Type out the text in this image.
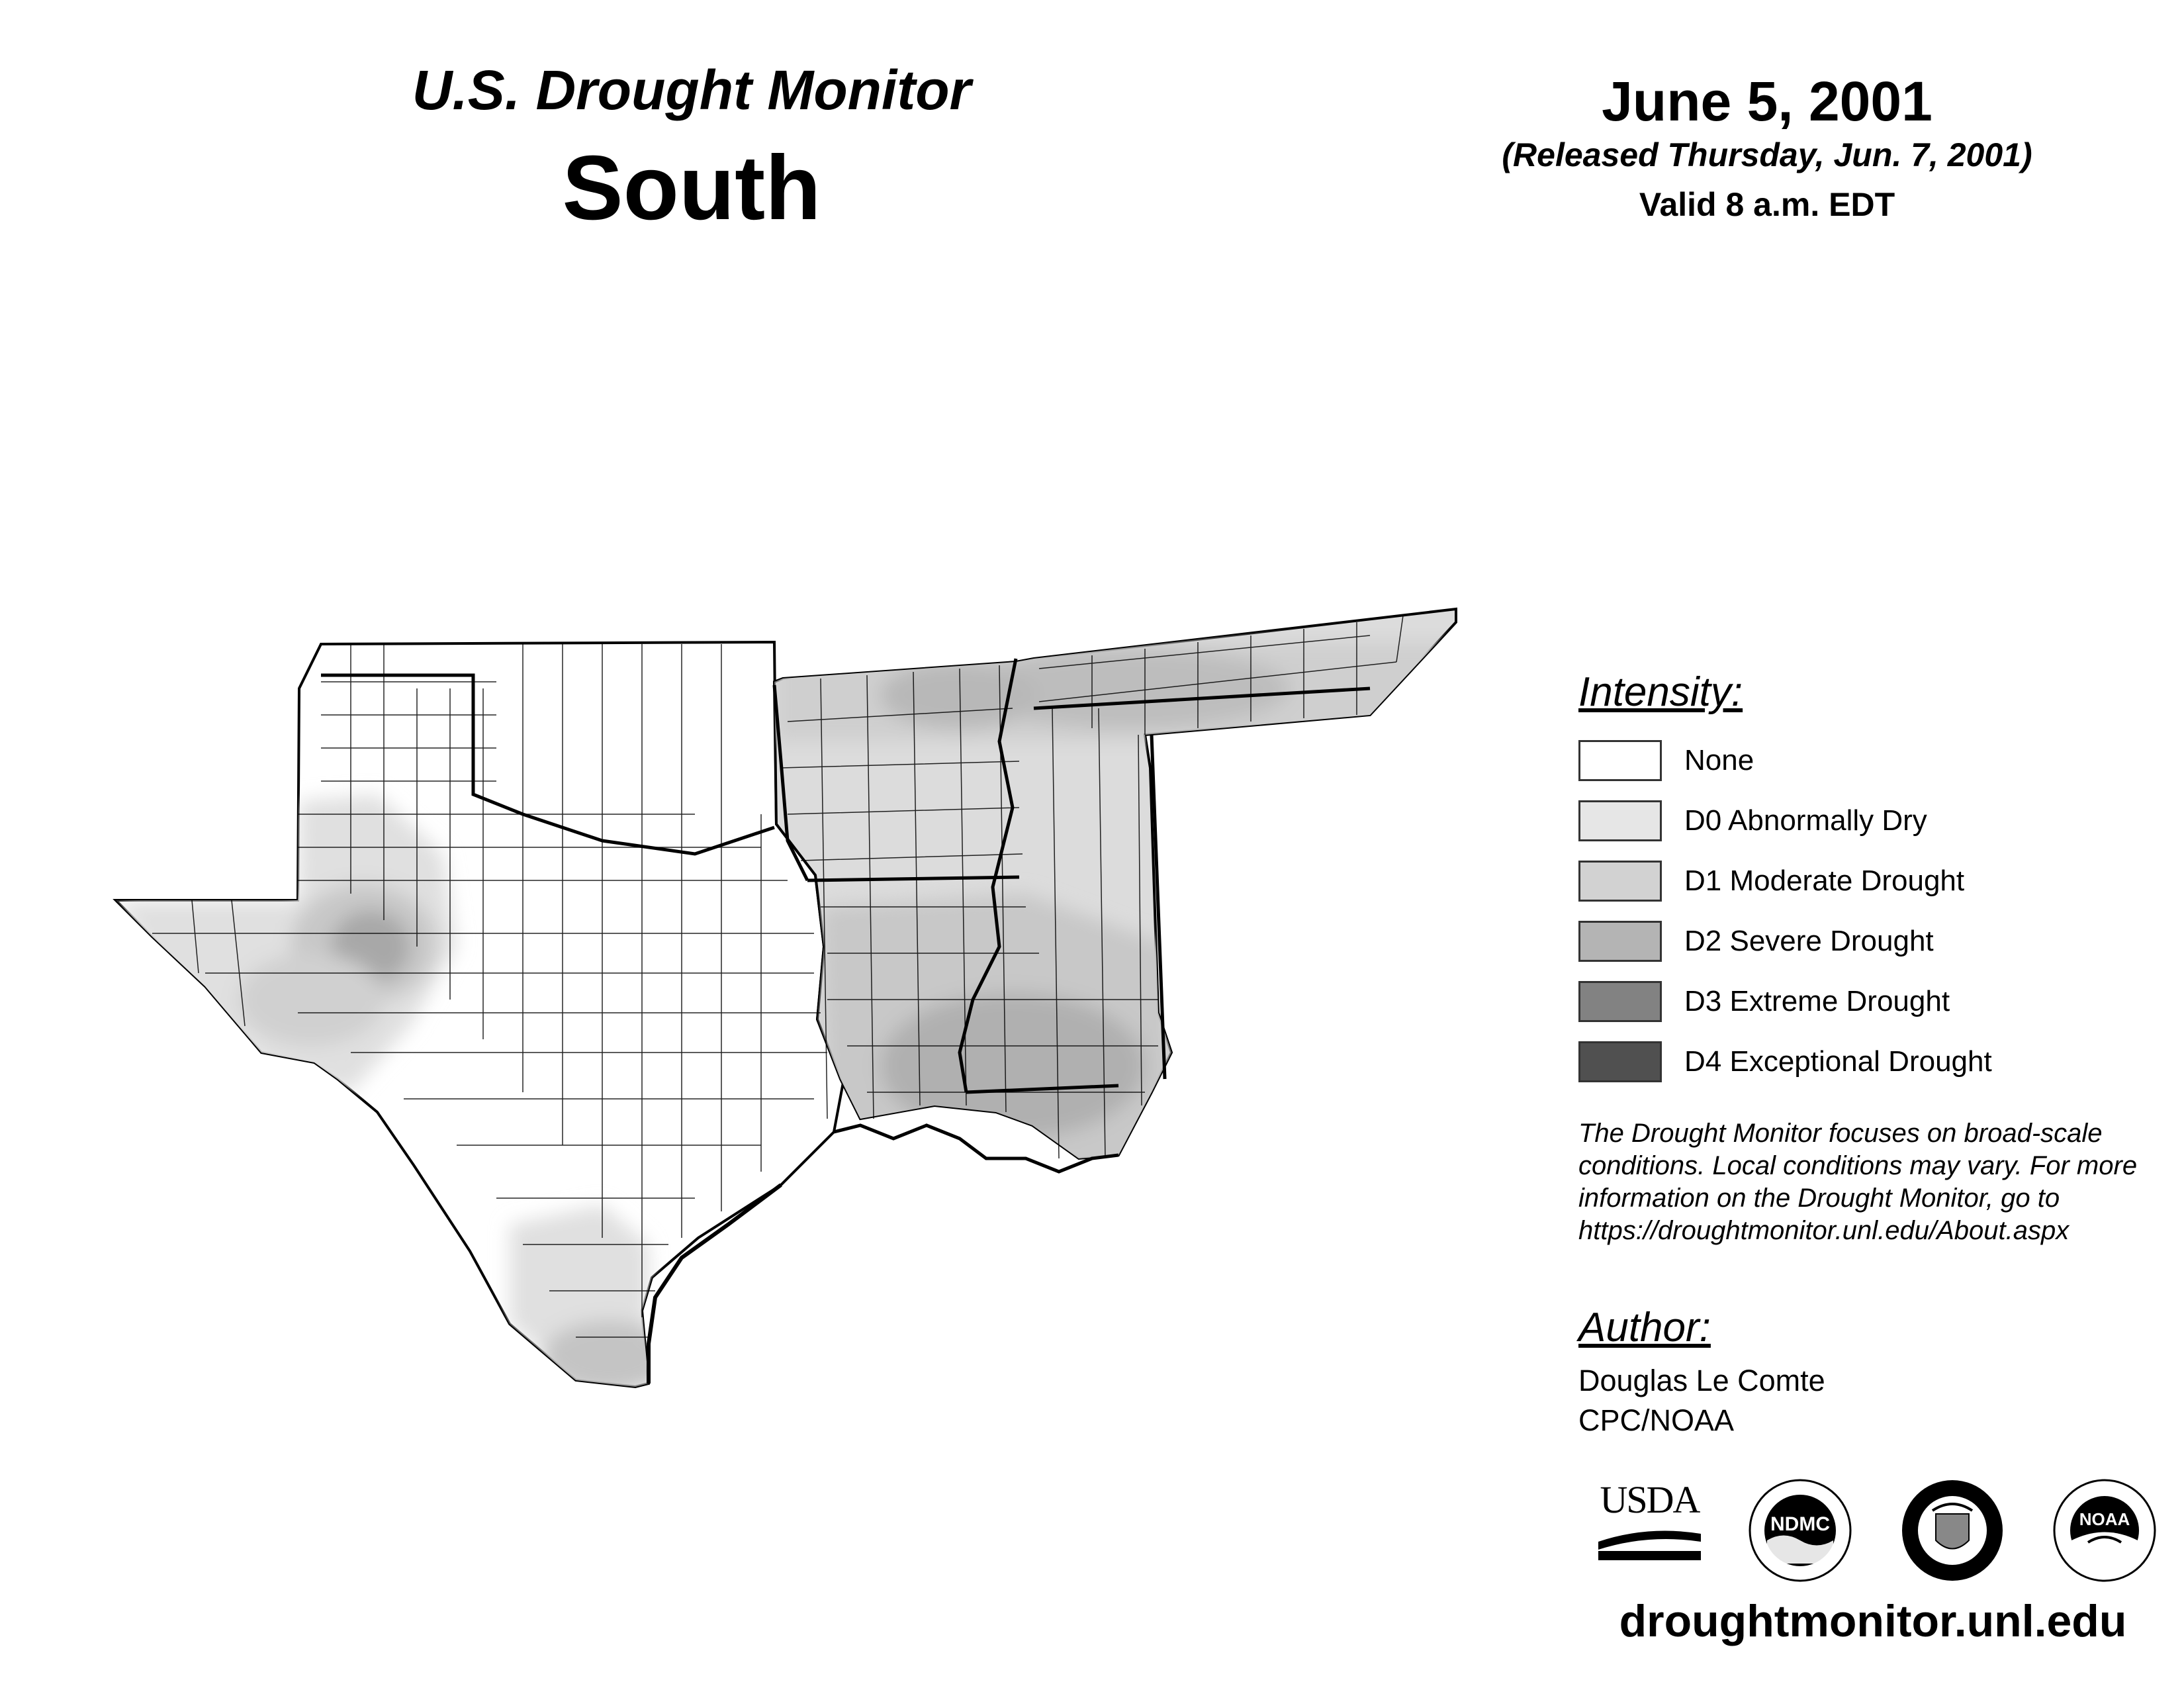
U.S. Drought Monitor
South
June 5, 2001
(Released Thursday, Jun. 7, 2001)
Valid 8 a.m. EDT
Intensity:
None
D0 Abnormally Dry
D1 Moderate Drought
D2 Severe Drought
D3 Extreme Drought
D4 Exceptional Drought
The Drought Monitor focuses on broad-scale conditions. Local conditions may vary. For more information on the Drought Monitor, go to https://droughtmonitor.unl.edu/About.aspx
Author:
Douglas Le Comte
CPC/NOAA
USDA
NDMC	NOAA
droughtmonitor.unl.edu
